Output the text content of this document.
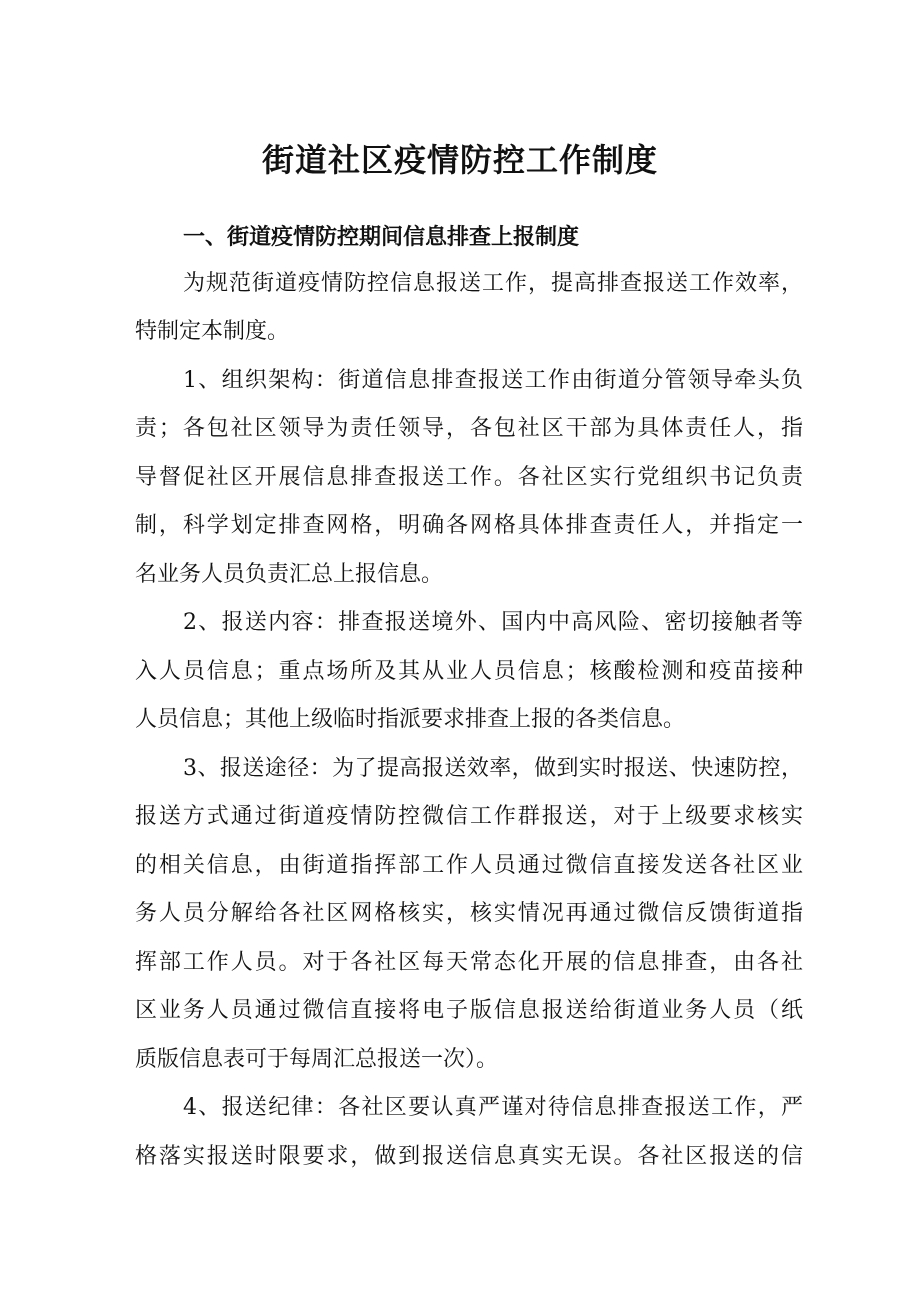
街道社区疫情防控工作制度
一、街道疫情防控期间信息排查上报制度
为规范街道疫情防控信息报送工作，提高排查报送工作效率，
特制定本制度。
1、组织架构：街道信息排查报送工作由街道分管领导牵头负
责；各包社区领导为责任领导，各包社区干部为具体责任人，指
导督促社区开展信息排查报送工作。各社区实行党组织书记负责
制，科学划定排查网格，明确各网格具体排查责任人，并指定一
名业务人员负责汇总上报信息。
2、报送内容：排查报送境外、国内中高风险、密切接触者等
入人员信息；重点场所及其从业人员信息；核酸检测和疫苗接种
人员信息；其他上级临时指派要求排查上报的各类信息。
3、报送途径：为了提高报送效率，做到实时报送、快速防控，
报送方式通过街道疫情防控微信工作群报送，对于上级要求核实
的相关信息，由街道指挥部工作人员通过微信直接发送各社区业
务人员分解给各社区网格核实，核实情况再通过微信反馈街道指
挥部工作人员。对于各社区每天常态化开展的信息排查，由各社
区业务人员通过微信直接将电子版信息报送给街道业务人员（纸
质版信息表可于每周汇总报送一次）。
4、报送纪律：各社区要认真严谨对待信息排查报送工作，严
格落实报送时限要求，做到报送信息真实无误。各社区报送的信
